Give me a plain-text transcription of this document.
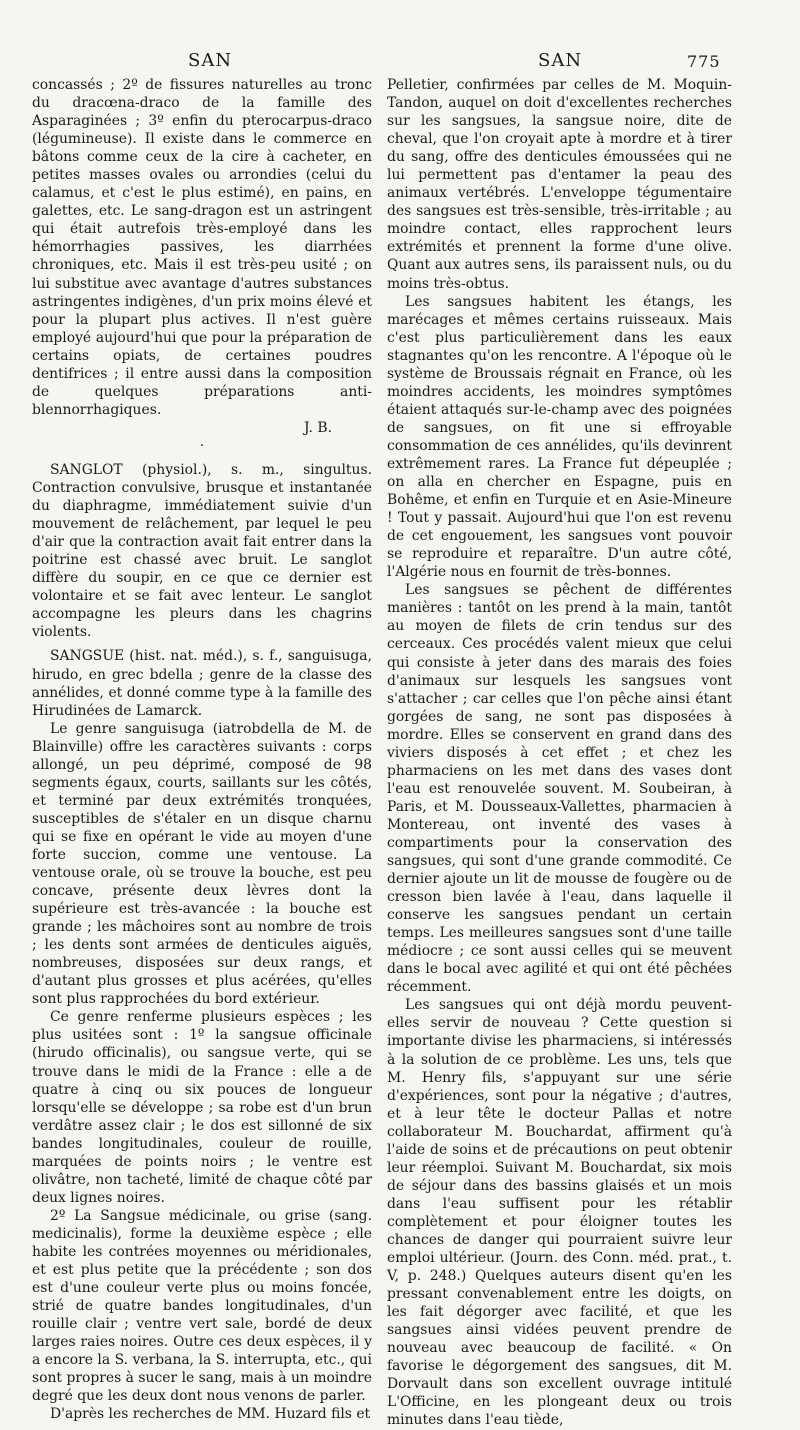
SAN	SAN	775

concassés ; 2º de fissures naturelles au tronc du dracœna-draco de la famille des Asparaginées ; 3º enfin du pterocarpus-draco (légumineuse). Il existe dans le commerce en bâtons comme ceux de la cire à cacheter, en petites masses ovales ou arrondies (celui du calamus, et c'est le plus estimé), en pains, en galettes, etc. Le sang-dragon est un astringent qui était autrefois très-employé dans les hémorrhagies passives, les diarrhées chroniques, etc. Mais il est très-peu usité ; on lui substitue avec avantage d'autres substances astringentes indigènes, d'un prix moins élevé et pour la plupart plus actives. Il n'est guère employé aujourd'hui que pour la préparation de certains opiats, de certaines poudres dentifrices ; il entre aussi dans la composition de quelques préparations anti-blennorrhagiques.

J. B.

·

SANGLOT (physiol.), s. m., singultus. Contraction convulsive, brusque et instantanée du diaphragme, immédiatement suivie d'un mouvement de relâchement, par lequel le peu d'air que la contraction avait fait entrer dans la poitrine est chassé avec bruit. Le sanglot diffère du soupir, en ce que ce dernier est volontaire et se fait avec lenteur. Le sanglot accompagne les pleurs dans les chagrins violents.

SANGSUE (hist. nat. méd.), s. f., sanguisuga, hirudo, en grec bdella ; genre de la classe des annélides, et donné comme type à la famille des Hirudinées de Lamarck.

Le genre sanguisuga (iatrobdella de M. de Blainville) offre les caractères suivants : corps allongé, un peu déprimé, composé de 98 segments égaux, courts, saillants sur les côtés, et terminé par deux extrémités tronquées, susceptibles de s'étaler en un disque charnu qui se fixe en opérant le vide au moyen d'une forte succion, comme une ventouse. La ventouse orale, où se trouve la bouche, est peu concave, présente deux lèvres dont la supérieure est très-avancée : la bouche est grande ; les mâchoires sont au nombre de trois ; les dents sont armées de denticules aiguës, nombreuses, disposées sur deux rangs, et d'autant plus grosses et plus acérées, qu'elles sont plus rapprochées du bord extérieur.

Ce genre renferme plusieurs espèces ; les plus usitées sont : 1º la sangsue officinale (hirudo officinalis), ou sangsue verte, qui se trouve dans le midi de la France : elle a de quatre à cinq ou six pouces de longueur lorsqu'elle se développe ; sa robe est d'un brun verdâtre assez clair ; le dos est sillonné de six bandes longitudinales, couleur de rouille, marquées de points noirs ; le ventre est olivâtre, non tacheté, limité de chaque côté par deux lignes noires.

2º La Sangsue médicinale, ou grise (sang. medicinalis), forme la deuxième espèce ; elle habite les contrées moyennes ou méridionales, et est plus petite que la précédente ; son dos est d'une couleur verte plus ou moins foncée, strié de quatre bandes longitudinales, d'un rouille clair ; ventre vert sale, bordé de deux larges raies noires. Outre ces deux espèces, il y a encore la S. verbana, la S. interrupta, etc., qui sont propres à sucer le sang, mais à un moindre degré que les deux dont nous venons de parler.

D'après les recherches de MM. Huzard fils et

Pelletier, confirmées par celles de M. Moquin-Tandon, auquel on doit d'excellentes recherches sur les sangsues, la sangsue noire, dite de cheval, que l'on croyait apte à mordre et à tirer du sang, offre des denticules émoussées qui ne lui permettent pas d'entamer la peau des animaux vertébrés. L'enveloppe tégumentaire des sangsues est très-sensible, très-irritable ; au moindre contact, elles rapprochent leurs extrémités et prennent la forme d'une olive. Quant aux autres sens, ils paraissent nuls, ou du moins très-obtus.

Les sangsues habitent les étangs, les marécages et mêmes certains ruisseaux. Mais c'est plus particulièrement dans les eaux stagnantes qu'on les rencontre. A l'époque où le système de Broussais régnait en France, où les moindres accidents, les moindres symptômes étaient attaqués sur-le-champ avec des poignées de sangsues, on fit une si effroyable consommation de ces annélides, qu'ils devinrent extrêmement rares. La France fut dépeuplée ; on alla en chercher en Espagne, puis en Bohême, et enfin en Turquie et en Asie-Mineure ! Tout y passait. Aujourd'hui que l'on est revenu de cet engouement, les sangsues vont pouvoir se reproduire et reparaître. D'un autre côté, l'Algérie nous en fournit de très-bonnes.

Les sangsues se pêchent de différentes manières : tantôt on les prend à la main, tantôt au moyen de filets de crin tendus sur des cerceaux. Ces procédés valent mieux que celui qui consiste à jeter dans des marais des foies d'animaux sur lesquels les sangsues vont s'attacher ; car celles que l'on pêche ainsi étant gorgées de sang, ne sont pas disposées à mordre. Elles se conservent en grand dans des viviers disposés à cet effet ; et chez les pharmaciens on les met dans des vases dont l'eau est renouvelée souvent. M. Soubeiran, à Paris, et M. Dousseaux-Vallettes, pharmacien à Montereau, ont inventé des vases à compartiments pour la conservation des sangsues, qui sont d'une grande commodité. Ce dernier ajoute un lit de mousse de fougère ou de cresson bien lavée à l'eau, dans laquelle il conserve les sangsues pendant un certain temps. Les meilleures sangsues sont d'une taille médiocre ; ce sont aussi celles qui se meuvent dans le bocal avec agilité et qui ont été pêchées récemment.

Les sangsues qui ont déjà mordu peuvent-elles servir de nouveau ? Cette question si importante divise les pharmaciens, si intéressés à la solution de ce problème. Les uns, tels que M. Henry fils, s'appuyant sur une série d'expériences, sont pour la négative ; d'autres, et à leur tête le docteur Pallas et notre collaborateur M. Bouchardat, affirment qu'à l'aide de soins et de précautions on peut obtenir leur réemploi. Suivant M. Bouchardat, six mois de séjour dans des bassins glaisés et un mois dans l'eau suffisent pour les rétablir complètement et pour éloigner toutes les chances de danger qui pourraient suivre leur emploi ultérieur. (Journ. des Conn. méd. prat., t. V, p. 248.) Quelques auteurs disent qu'en les pressant convenablement entre les doigts, on les fait dégorger avec facilité, et que les sangsues ainsi vidées peuvent prendre de nouveau avec beaucoup de facilité. « On favorise le dégorgement des sangsues, dit M. Dorvault dans son excellent ouvrage intitulé L'Officine, en les plongeant deux ou trois minutes dans l'eau tiède,
